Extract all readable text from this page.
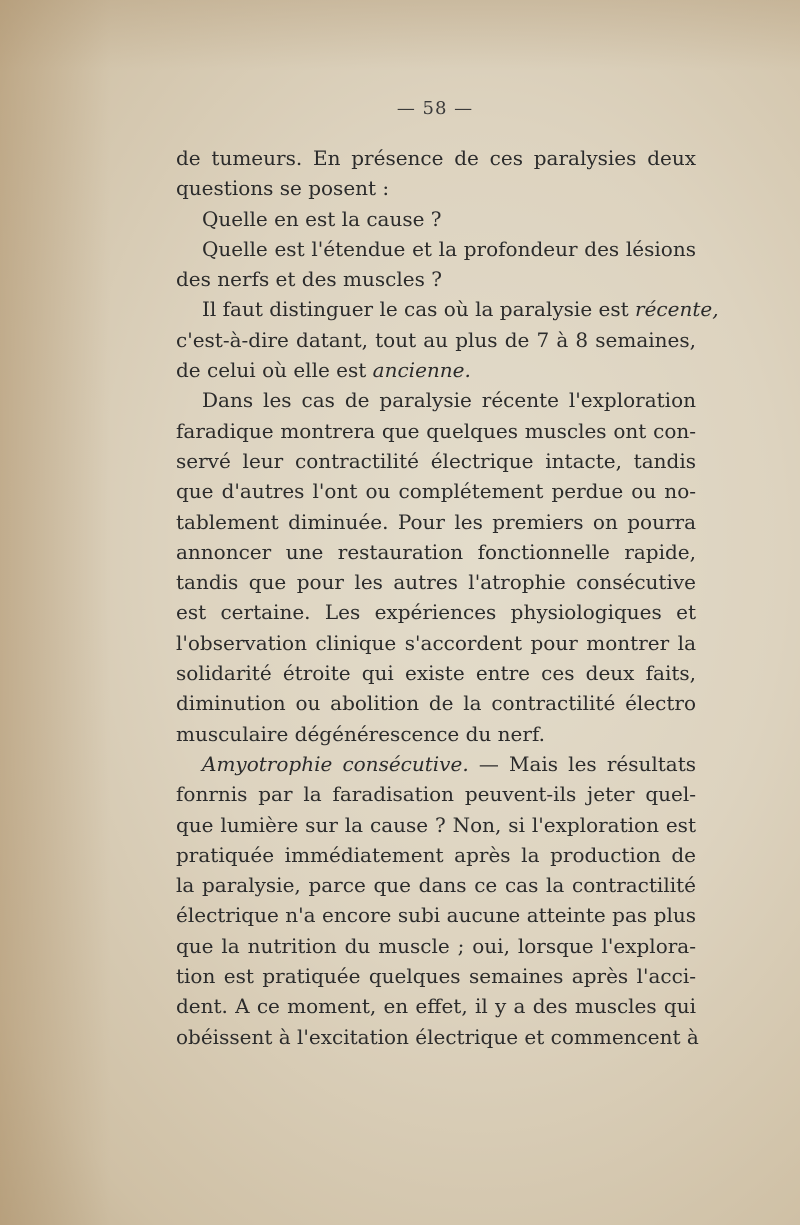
— 58 —
de tumeurs. En présence de ces paralysies deux
questions se posent :
Quelle en est la cause ?
Quelle est l'étendue et la profondeur des lésions
des nerfs et des muscles ?
Il faut distinguer le cas où la paralysie est récente,
c'est-à-dire datant, tout au plus de 7 à 8 semaines,
de celui où elle est ancienne.
Dans les cas de paralysie récente l'exploration
faradique montrera que quelques muscles ont con-
servé leur contractilité électrique intacte, tandis
que d'autres l'ont ou complétement perdue ou no-
tablement diminuée. Pour les premiers on pourra
annoncer une restauration fonctionnelle rapide,
tandis que pour les autres l'atrophie consécutive
est certaine. Les expériences physiologiques et
l'observation clinique s'accordent pour montrer la
solidarité étroite qui existe entre ces deux faits,
diminution ou abolition de la contractilité électro
musculaire dégénérescence du nerf.
Amyotrophie consécutive. — Mais les résultats
fonrnis par la faradisation peuvent-ils jeter quel-
que lumière sur la cause ? Non, si l'exploration est
pratiquée immédiatement après la production de
la paralysie, parce que dans ce cas la contractilité
électrique n'a encore subi aucune atteinte pas plus
que la nutrition du muscle ; oui, lorsque l'explora-
tion est pratiquée quelques semaines après l'acci-
dent. A ce moment, en effet, il y a des muscles qui
obéissent à l'excitation électrique et commencent à
